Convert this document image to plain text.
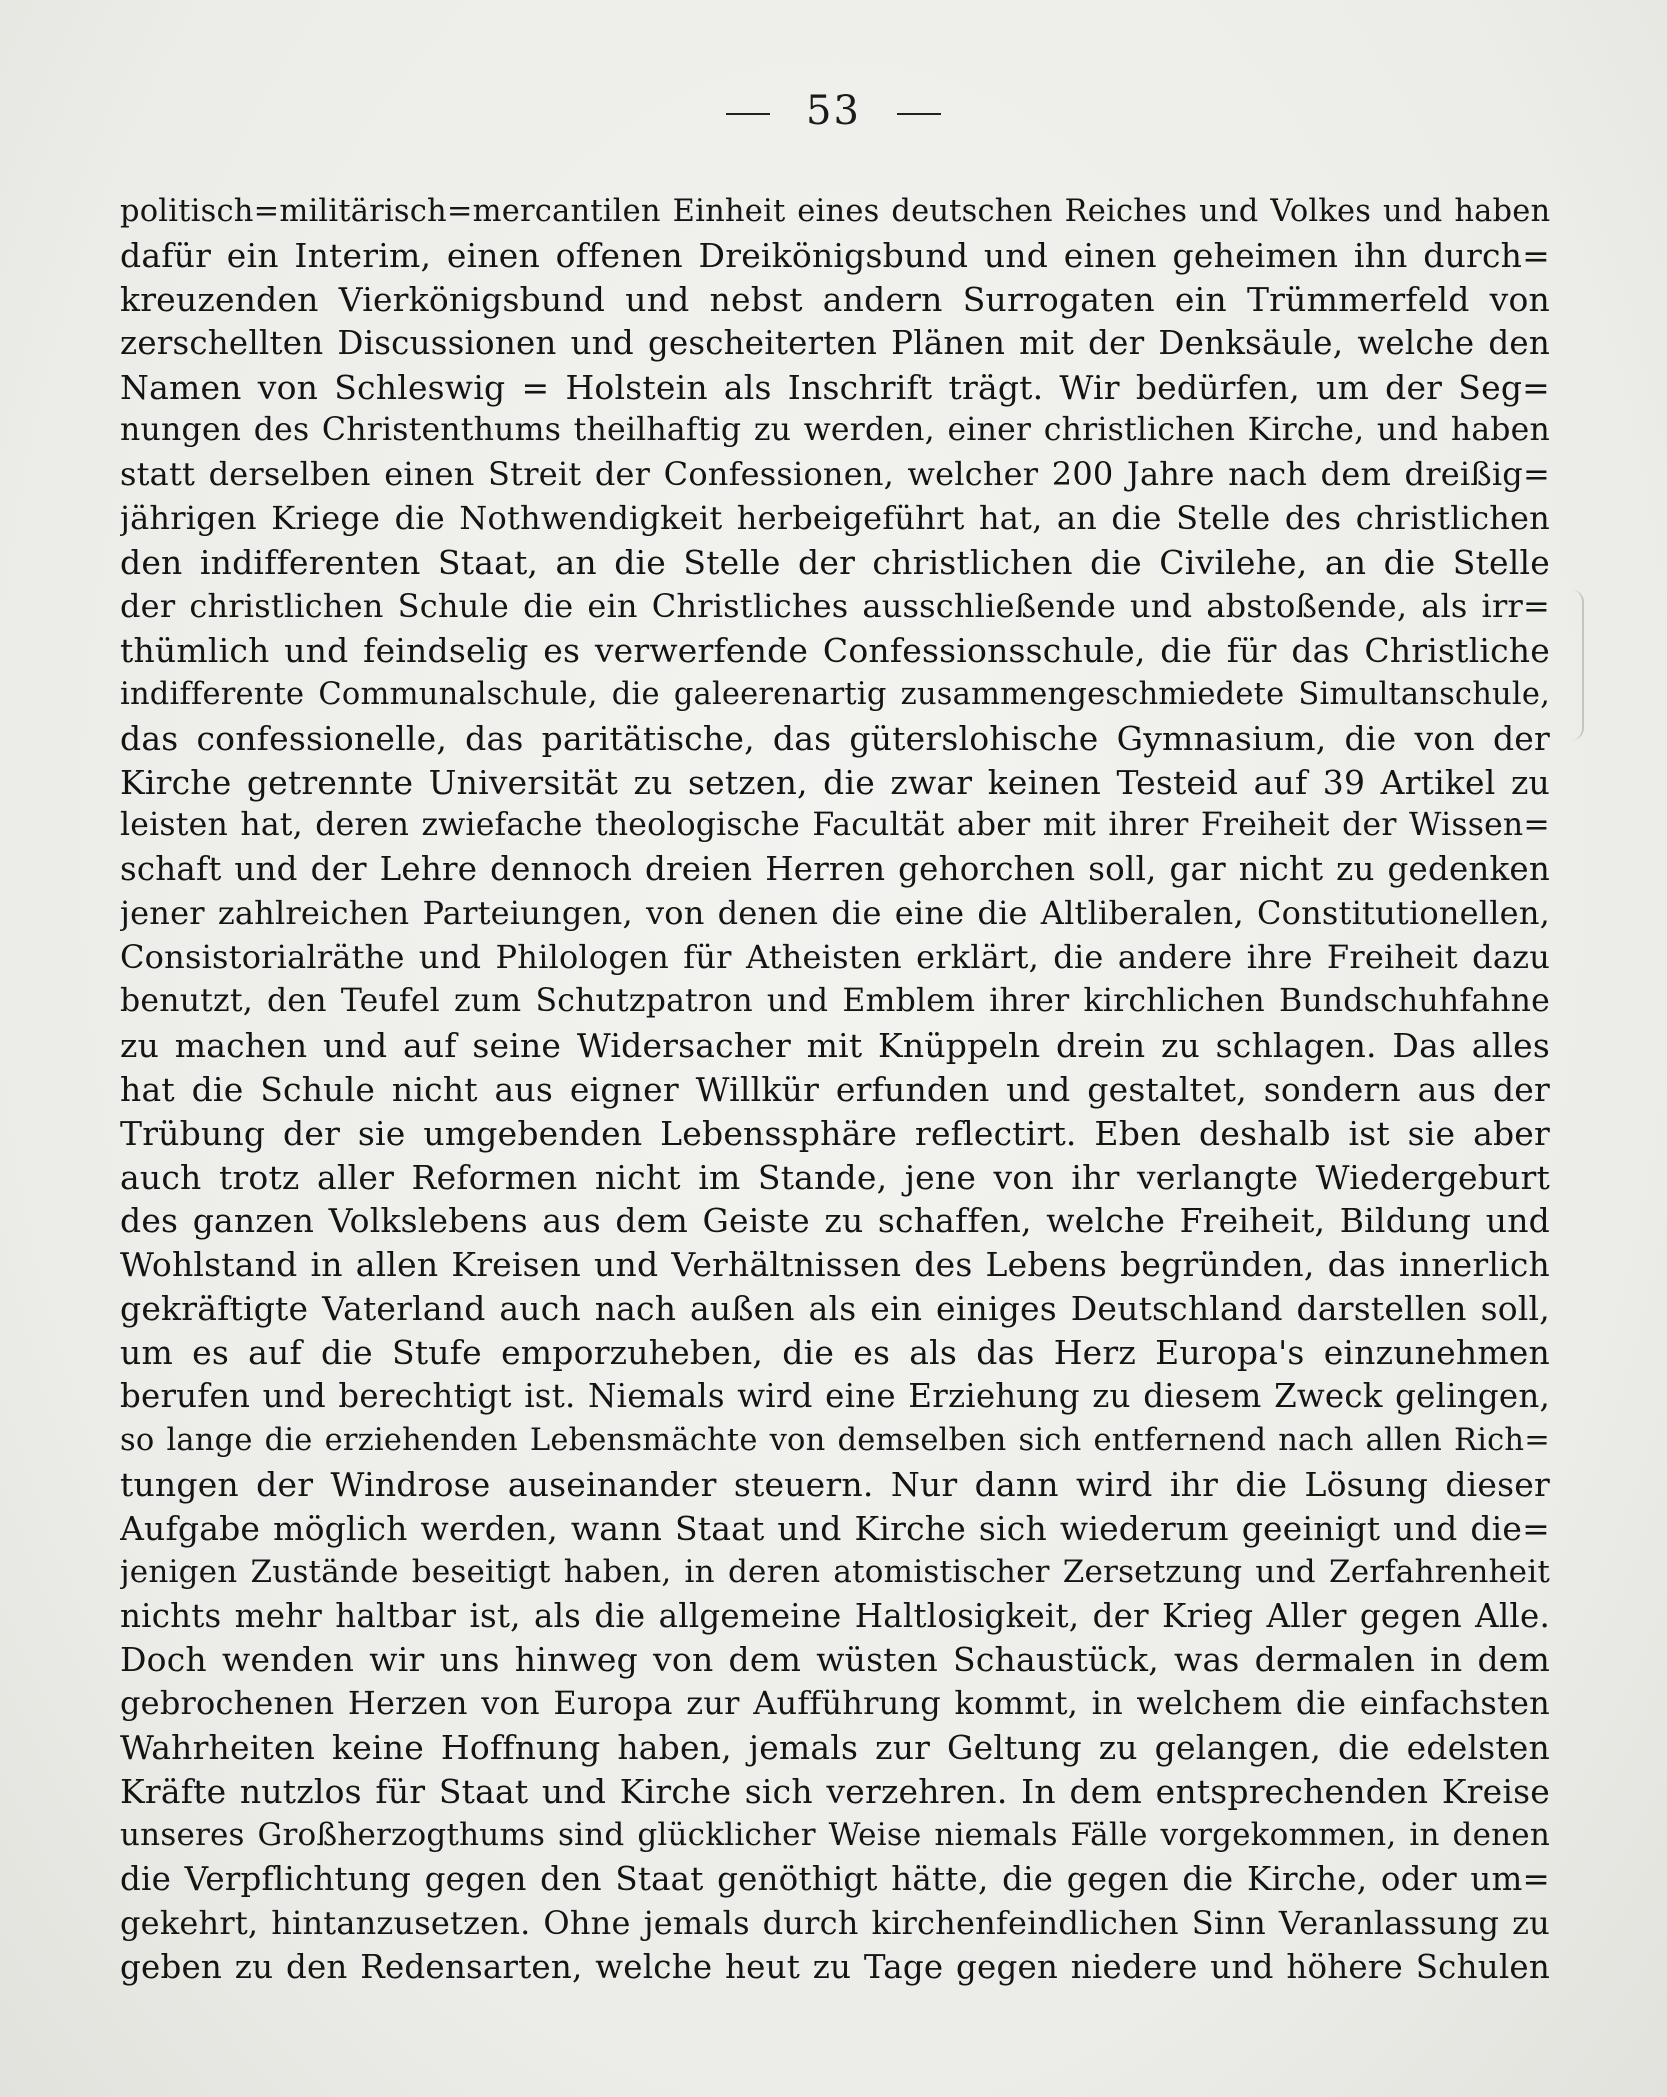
53
politisch=militärisch=mercantilen Einheit eines deutschen Reiches und Volkes und haben
dafür ein Interim, einen offenen Dreikönigsbund und einen geheimen ihn durch=
kreuzenden Vierkönigsbund und nebst andern Surrogaten ein Trümmerfeld von
zerschellten Discussionen und gescheiterten Plänen mit der Denksäule, welche den
Namen von Schleswig = Holstein als Inschrift trägt. Wir bedürfen, um der Seg=
nungen des Christenthums theilhaftig zu werden, einer christlichen Kirche, und haben
statt derselben einen Streit der Confessionen, welcher 200 Jahre nach dem dreißig=
jährigen Kriege die Nothwendigkeit herbeigeführt hat, an die Stelle des christlichen
den indifferenten Staat, an die Stelle der christlichen die Civilehe, an die Stelle
der christlichen Schule die ein Christliches ausschließende und abstoßende, als irr=
thümlich und feindselig es verwerfende Confessionsschule, die für das Christliche
indifferente Communalschule, die galeerenartig zusammengeschmiedete Simultanschule,
das confessionelle, das paritätische, das güterslohische Gymnasium, die von der
Kirche getrennte Universität zu setzen, die zwar keinen Testeid auf 39 Artikel zu
leisten hat, deren zwiefache theologische Facultät aber mit ihrer Freiheit der Wissen=
schaft und der Lehre dennoch dreien Herren gehorchen soll, gar nicht zu gedenken
jener zahlreichen Parteiungen, von denen die eine die Altliberalen, Constitutionellen,
Consistorialräthe und Philologen für Atheisten erklärt, die andere ihre Freiheit dazu
benutzt, den Teufel zum Schutzpatron und Emblem ihrer kirchlichen Bundschuhfahne
zu machen und auf seine Widersacher mit Knüppeln drein zu schlagen. Das alles
hat die Schule nicht aus eigner Willkür erfunden und gestaltet, sondern aus der
Trübung der sie umgebenden Lebenssphäre reflectirt. Eben deshalb ist sie aber
auch trotz aller Reformen nicht im Stande, jene von ihr verlangte Wiedergeburt
des ganzen Volkslebens aus dem Geiste zu schaffen, welche Freiheit, Bildung und
Wohlstand in allen Kreisen und Verhältnissen des Lebens begründen, das innerlich
gekräftigte Vaterland auch nach außen als ein einiges Deutschland darstellen soll,
um es auf die Stufe emporzuheben, die es als das Herz Europa's einzunehmen
berufen und berechtigt ist. Niemals wird eine Erziehung zu diesem Zweck gelingen,
so lange die erziehenden Lebensmächte von demselben sich entfernend nach allen Rich=
tungen der Windrose auseinander steuern. Nur dann wird ihr die Lösung dieser
Aufgabe möglich werden, wann Staat und Kirche sich wiederum geeinigt und die=
jenigen Zustände beseitigt haben, in deren atomistischer Zersetzung und Zerfahrenheit
nichts mehr haltbar ist, als die allgemeine Haltlosigkeit, der Krieg Aller gegen Alle.
Doch wenden wir uns hinweg von dem wüsten Schaustück, was dermalen in dem
gebrochenen Herzen von Europa zur Aufführung kommt, in welchem die einfachsten
Wahrheiten keine Hoffnung haben, jemals zur Geltung zu gelangen, die edelsten
Kräfte nutzlos für Staat und Kirche sich verzehren. In dem entsprechenden Kreise
unseres Großherzogthums sind glücklicher Weise niemals Fälle vorgekommen, in denen
die Verpflichtung gegen den Staat genöthigt hätte, die gegen die Kirche, oder um=
gekehrt, hintanzusetzen. Ohne jemals durch kirchenfeindlichen Sinn Veranlassung zu
geben zu den Redensarten, welche heut zu Tage gegen niedere und höhere Schulen
